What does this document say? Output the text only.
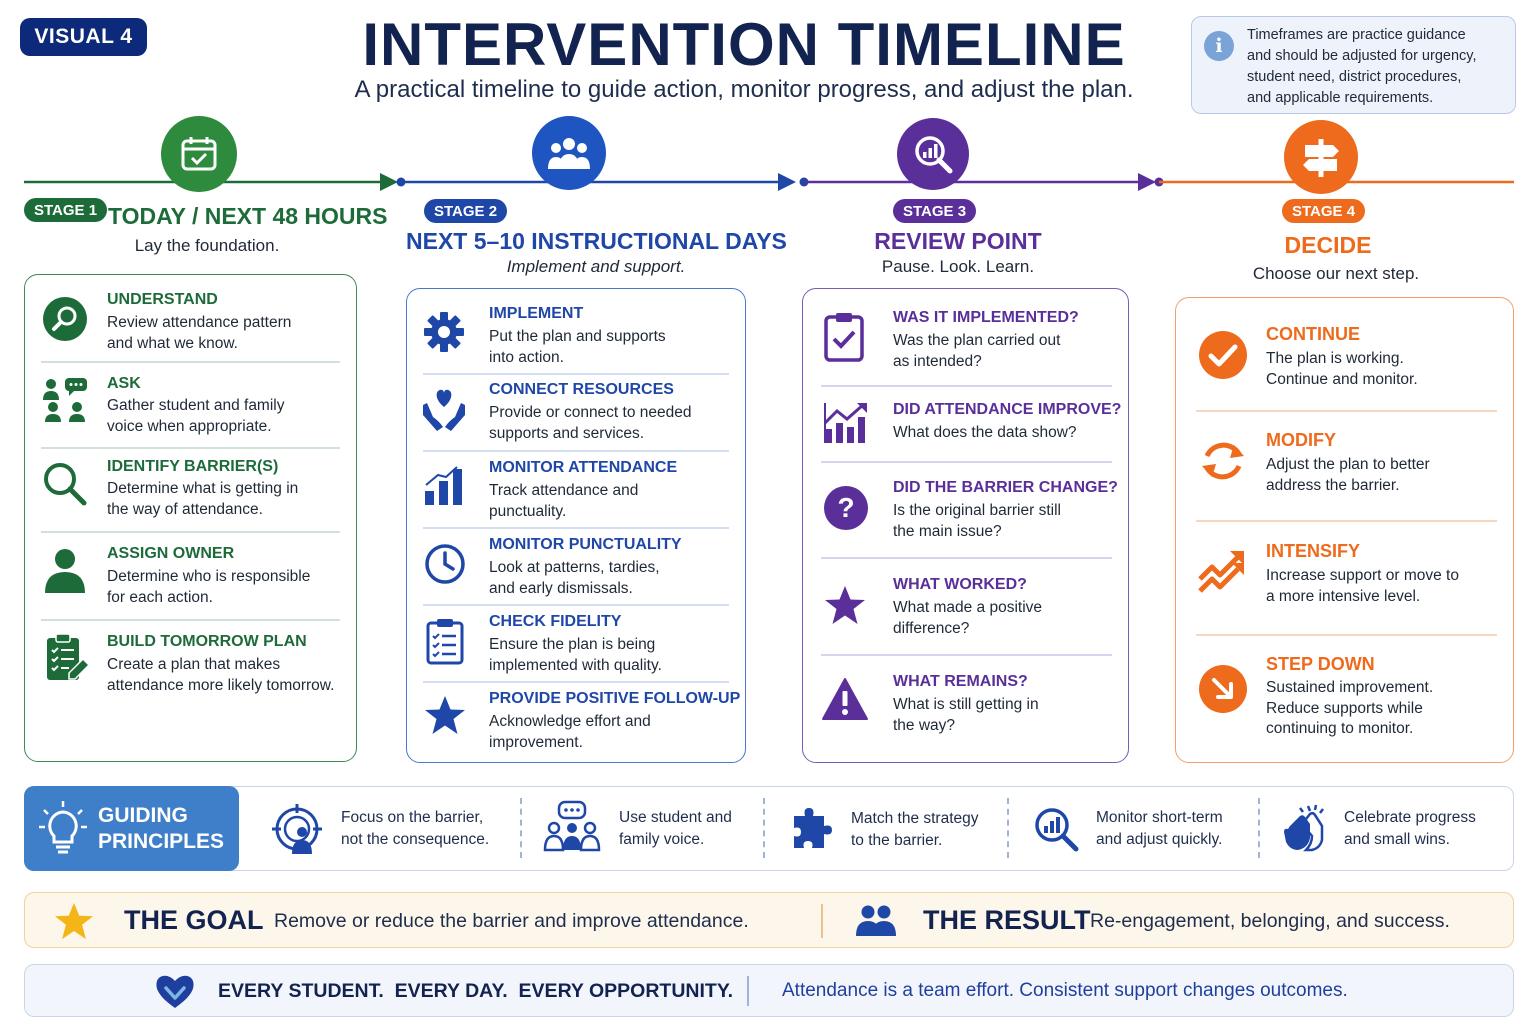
VISUAL 4	INTERVENTION TIMELINE
A practical timeline to guide action, monitor progress, and adjust the plan.
i	Timeframes are practice guidance
and should be adjusted for urgency,
student need, district procedures,
and applicable requirements.
STAGE 1 TODAY / NEXT 48 HOURS
Lay the foundation.
STAGE 2
NEXT 5–10 INSTRUCTIONAL DAYS
Implement and support.
STAGE 3
REVIEW POINT
Pause. Look. Learn.
STAGE 4
DECIDE
Choose our next step.
UNDERSTAND
Review attendance pattern
and what we know.
ASK
Gather student and family
voice when appropriate.
IDENTIFY BARRIER(S)
Determine what is getting in
the way of attendance.
ASSIGN OWNER
Determine who is responsible
for each action.
BUILD TOMORROW PLAN
Create a plan that makes
attendance more likely tomorrow.
IMPLEMENT
Put the plan and supports
into action.
CONNECT RESOURCES
Provide or connect to needed
supports and services.
MONITOR ATTENDANCE
Track attendance and
punctuality.
MONITOR PUNCTUALITY
Look at patterns, tardies,
and early dismissals.
CHECK FIDELITY
Ensure the plan is being
implemented with quality.
PROVIDE POSITIVE FOLLOW-UP
Acknowledge effort and
improvement.
WAS IT IMPLEMENTED?
Was the plan carried out
as intended?
DID ATTENDANCE IMPROVE?
What does the data show?
?
DID THE BARRIER CHANGE?
Is the original barrier still
the main issue?
WHAT WORKED?
What made a positive
difference?
WHAT REMAINS?
What is still getting in
the way?
CONTINUE
The plan is working.
Continue and monitor.
MODIFY
Adjust the plan to better
address the barrier.
INTENSIFY
Increase support or move to
a more intensive level.
STEP DOWN
Sustained improvement.
Reduce supports while
continuing to monitor.
GUIDING
PRINCIPLES
Focus on the barrier,
not the consequence.
Use student and
family voice.
Match the strategy
to the barrier.
Monitor short-term
and adjust quickly.
Celebrate progress
and small wins.
THE GOAL Remove or reduce the barrier and improve attendance.	THE RESULT Re-engagement, belonging, and success.
EVERY STUDENT.  EVERY DAY.  EVERY OPPORTUNITY.	Attendance is a team effort. Consistent support changes outcomes.
